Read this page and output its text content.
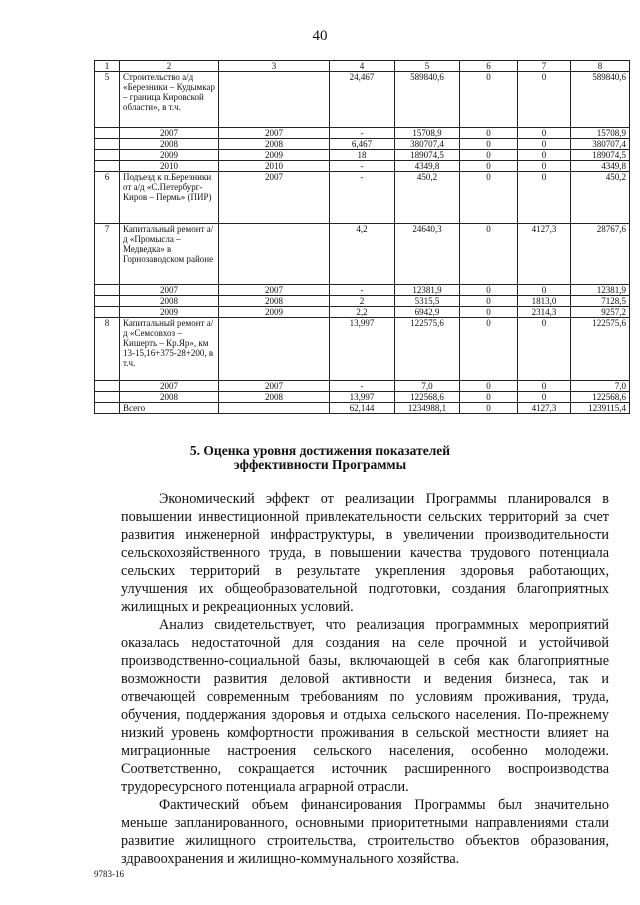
40
1	2	3	4	5	6	7	8
5	Строительство а/д «Березники – Кудымкар – граница Кировской области», в т.ч.		24,467	589840,6	0	0	589840,6
	2007	2007	-	15708,9	0	0	15708,9
	2008	2008	6,467	380707,4	0	0	380707,4
	2009	2009	18	189074,5	0	0	189074,5
	2010	2010	-	4349,8	0	0	4349,8
6	Подъезд к п.Березники от а/д «С.Петербург-Киров – Пермь» (ПИР)	2007	-	450,2	0	0	450,2
7	Капитальный ремонт а/д «Промысла – Медведка» в Горнозаводском районе		4,2	24640,3	0	4127,3	28767,6
	2007	2007	-	12381,9	0	0	12381,9
	2008	2008	2	5315,5	0	1813,0	7128,5
	2009	2009	2,2	6942,9	0	2314,3	9257,2
8	Капитальный ремонт а/д «Семсовхоз – Кишерть – Кр.Яр», км 13-15,16+375-28+200, в т.ч.		13,997	122575,6	0	0	122575,6
	2007	2007	-	7,0	0	0	7,0
	2008	2008	13,997	122568,6	0	0	122568,6
	Всего		62,144	1234988,1	0	4127,3	1239115,4
5. Оценка уровня достижения показателей
эффективности Программы

Экономический эффект от реализации Программы планировался в повышении инвестиционной привлекательности сельских территорий за счет развития инженерной инфраструктуры, в увеличении производительности сельскохозяйственного труда, в повышении качества трудового потенциала сельских территорий в результате укрепления здоровья работающих, улучшения их общеобразовательной подготовки, создания благоприятных жилищных и рекреационных условий.

Анализ свидетельствует, что реализация программных мероприятий оказалась недостаточной для создания на селе прочной и устойчивой производственно-социальной базы, включающей в себя как благоприятные возможности развития деловой активности и ведения бизнеса, так и отвечающей современным требованиям по условиям проживания, труда, обучения, поддержания здоровья и отдыха сельского населения. По-прежнему низкий уровень комфортности проживания в сельской местности влияет на миграционные настроения сельского населения, особенно молодежи. Соответственно, сокращается источник расширенного воспроизводства трудоресурсного потенциала аграрной отрасли.

Фактический объем финансирования Программы был значительно меньше запланированного, основными приоритетными направлениями стали развитие жилищного строительства, строительство объектов образования, здравоохранения и жилищно-коммунального хозяйства.

9783-16
